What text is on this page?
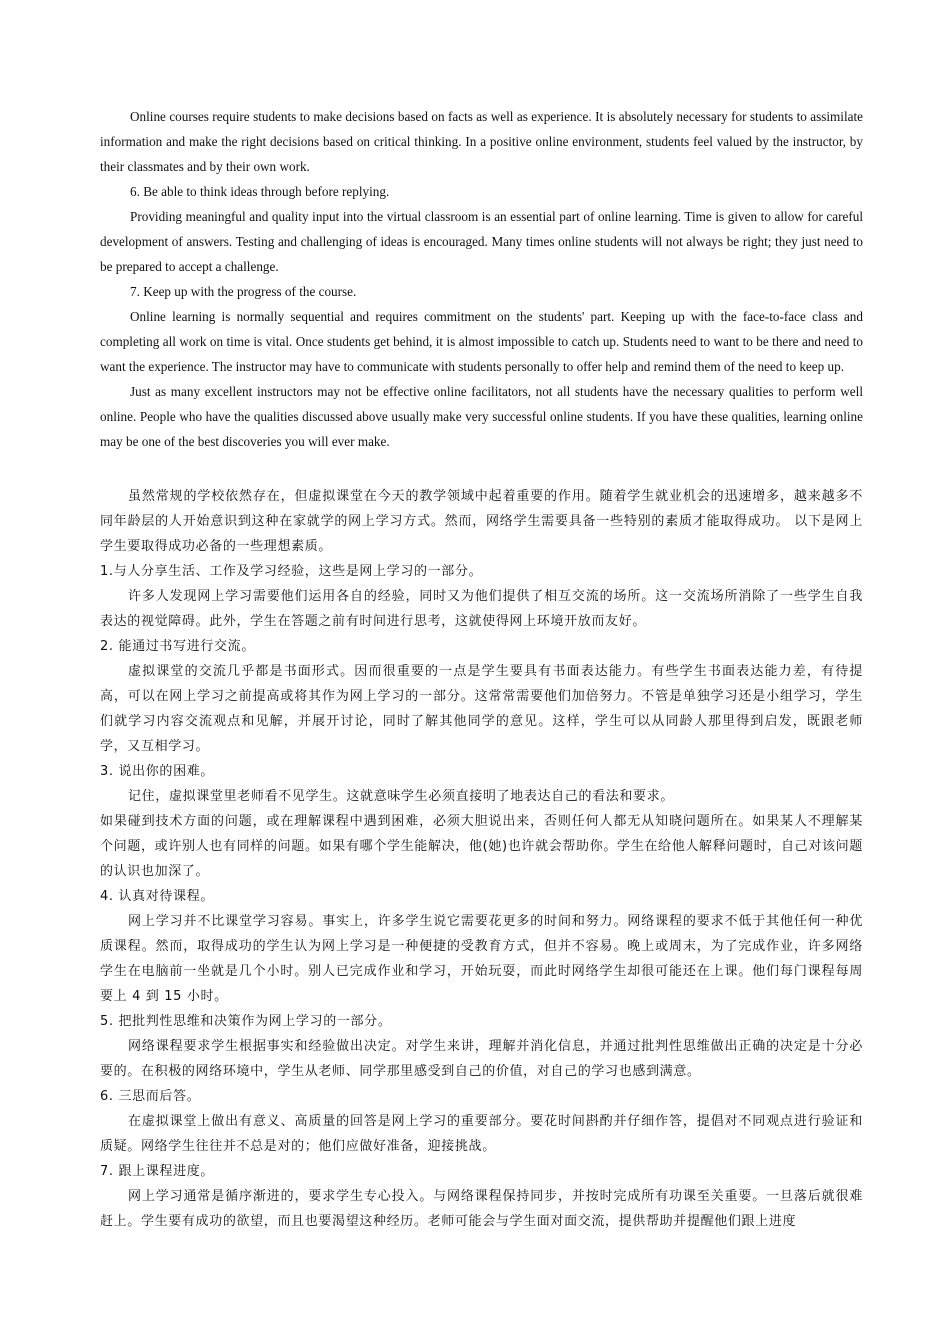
Online courses require students to make decisions based on facts as well as experience. It is absolutely necessary for students to assimilate information and make the right decisions based on critical thinking. In a positive online environment, students feel valued by the instructor, by their classmates and by their own work.

6. Be able to think ideas through before replying.

Providing meaningful and quality input into the virtual classroom is an essential part of online learning. Time is given to allow for careful development of answers. Testing and challenging of ideas is encouraged. Many times online students will not always be right; they just need to be prepared to accept a challenge.

7. Keep up with the progress of the course.

Online learning is normally sequential and requires commitment on the students' part. Keeping up with the face-to-face class and completing all work on time is vital. Once students get behind, it is almost impossible to catch up. Students need to want to be there and need to want the experience. The instructor may have to communicate with students personally to offer help and remind them of the need to keep up.

Just as many excellent instructors may not be effective online facilitators, not all students have the necessary qualities to perform well online. People who have the qualities discussed above usually make very successful online students. If you have these qualities, learning online may be one of the best discoveries you will ever make.

虽然常规的学校依然存在，但虚拟课堂在今天的教学领域中起着重要的作用。随着学生就业机会的迅速增多，越来越多不同年龄层的人开始意识到这种在家就学的网上学习方式。然而，网络学生需要具备一些特别的素质才能取得成功。 以下是网上学生要取得成功必备的一些理想素质。

1.与人分享生活、工作及学习经验，这些是网上学习的一部分。

许多人发现网上学习需要他们运用各自的经验，同时又为他们提供了相互交流的场所。这一交流场所消除了一些学生自我表达的视觉障碍。此外，学生在答题之前有时间进行思考，这就使得网上环境开放而友好。

2. 能通过书写进行交流。

虚拟课堂的交流几乎都是书面形式。因而很重要的一点是学生要具有书面表达能力。有些学生书面表达能力差，有待提高，可以在网上学习之前提高或将其作为网上学习的一部分。这常常需要他们加倍努力。不管是单独学习还是小组学习，学生们就学习内容交流观点和见解，并展开讨论，同时了解其他同学的意见。这样，学生可以从同龄人那里得到启发，既跟老师学，又互相学习。

3. 说出你的困难。

记住，虚拟课堂里老师看不见学生。这就意味学生必须直接明了地表达自己的看法和要求。

如果碰到技术方面的问题，或在理解课程中遇到困难，必须大胆说出来，否则任何人都无从知晓问题所在。如果某人不理解某个问题，或许别人也有同样的问题。如果有哪个学生能解决，他(她)也许就会帮助你。学生在给他人解释问题时，自己对该问题的认识也加深了。

4. 认真对待课程。

网上学习并不比课堂学习容易。事实上，许多学生说它需要花更多的时间和努力。网络课程的要求不低于其他任何一种优质课程。然而，取得成功的学生认为网上学习是一种便捷的受教育方式，但并不容易。晚上或周末，为了完成作业，许多网络学生在电脑前一坐就是几个小时。别人已完成作业和学习，开始玩耍，而此时网络学生却很可能还在上课。他们每门课程每周要上 4 到 15 小时。

5. 把批判性思维和决策作为网上学习的一部分。

网络课程要求学生根据事实和经验做出决定。对学生来讲，理解并消化信息，并通过批判性思维做出正确的决定是十分必要的。在积极的网络环境中，学生从老师、同学那里感受到自己的价值，对自己的学习也感到满意。

6. 三思而后答。

在虚拟课堂上做出有意义、高质量的回答是网上学习的重要部分。要花时间斟酌并仔细作答，提倡对不同观点进行验证和质疑。网络学生往往并不总是对的；他们应做好准备，迎接挑战。

7. 跟上课程进度。

网上学习通常是循序渐进的，要求学生专心投入。与网络课程保持同步，并按时完成所有功课至关重要。一旦落后就很难赶上。学生要有成功的欲望，而且也要渴望这种经历。老师可能会与学生面对面交流，提供帮助并提醒他们跟上进度
